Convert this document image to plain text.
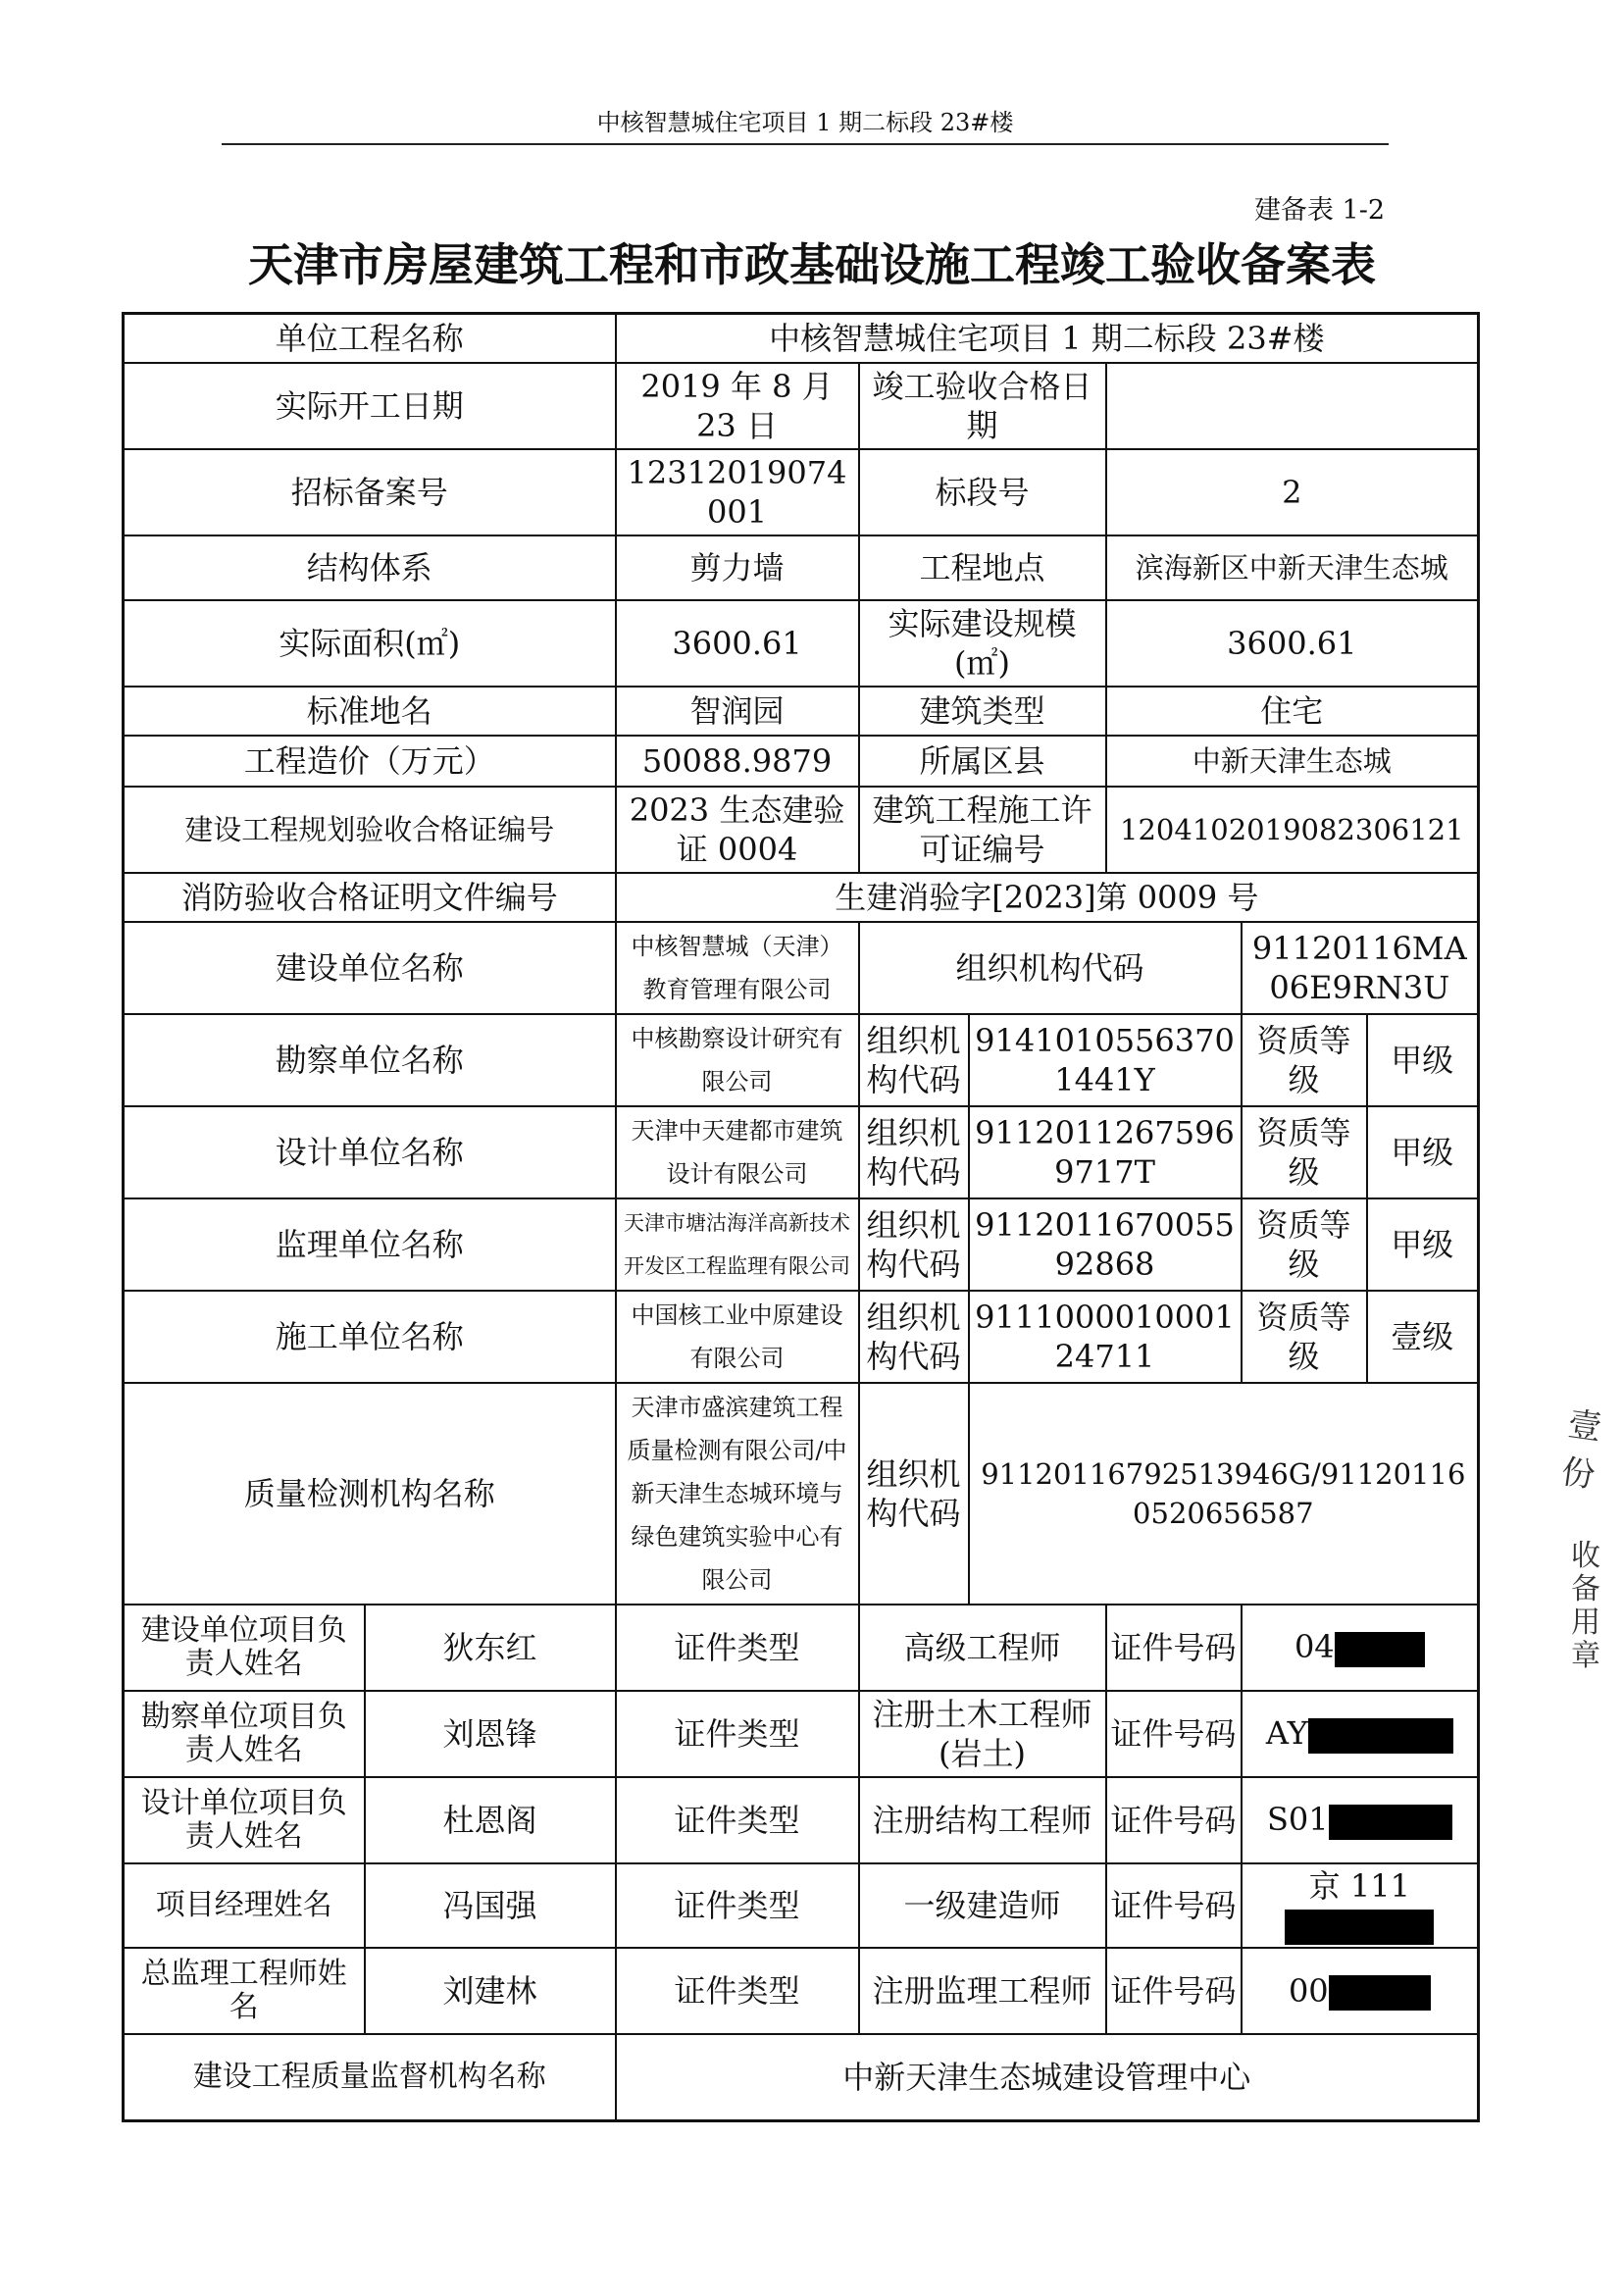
中核智慧城住宅项目 1 期二标段 23#楼
建备表 1-2
天津市房屋建筑工程和市政基础设施工程竣工验收备案表
壹份
收备用章
单位工程名称		中核智慧城住宅项目 1 期二标段 23#楼					
实际开工日期		2019 年 8 月 23 日	竣工验收合格日期				
招标备案号		12312019074001	标段号		2		
结构体系		剪力墙	工程地点		滨海新区中新天津生态城		
实际面积(㎡)		3600.61	实际建设规模(㎡)		3600.61		
标准地名		智润园	建筑类型		住宅		
工程造价（万元）		50088.9879	所属区县		中新天津生态城		
建设工程规划验收合格证编号		2023 生态建验证 0004	建筑工程施工许可证编号		120410201908230612​1		
消防验收合格证明文件编号		生建消验字[2023]第 0009 号					
建设单位名称		中核智慧城（天津）教育管理有限公司	组织机构代码			91120116MA06E9RN3U	
勘察单位名称		中核勘察设计研究有限公司	组织机构代码	91410105563701441Y		资质等级	甲级
设计单位名称		天津中天建都市建筑设计有限公司	组织机构代码	911201126759697​17T		资质等级	甲级
监理单位名称		天津市塘沽海洋高新技术开发区工程监理有限公司	组织机构代码	911201167005592868		资质等级	甲级
施工单位名称		中国核工业中原建设有限公司	组织机构代码	911100001000124711		资质等级	壹级
质量检测机构名称		天津市盛滨建筑工程质量检测有限公司/中新天津生态城环境与绿色建筑实验中心有限公司	组织机构代码	91120116792513946G/911201160520656587			
建设单位项目负责人姓名	狄东红	证件类型	高级工程师		证件号码	04	
勘察单位项目负责人姓名	刘恩锋	证件类型	注册土木工程师(岩土)		证件号码	AY	
设计单位项目负责人姓名	杜恩阁	证件类型	注册结构工程师		证件号码	S01	
项目经理姓名	冯国强	证件类型	一级建造师		证件号码	京 111	
总监理工程师姓名	刘建林	证件类型	注册监理工程师		证件号码	00	
建设工程质量监督机构名称		中新天津生态城建设管理中心					
